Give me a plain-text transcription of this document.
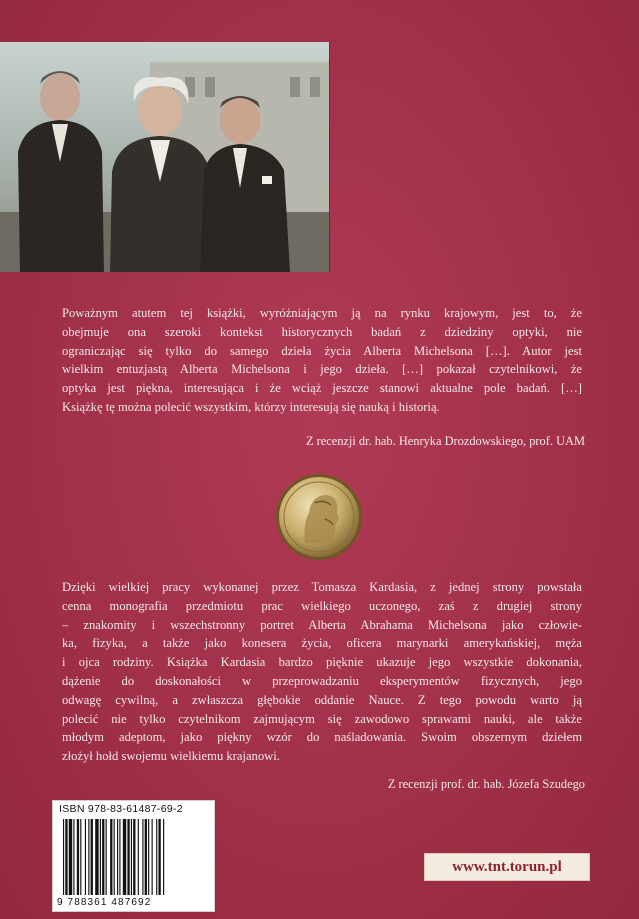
Poważnym atutem tej książki, wyróżniającym ją na rynku krajowym, jest to, że
obejmuje ona szeroki kontekst historycznych badań z dziedziny optyki, nie
ograniczając się tylko do samego dzieła życia Alberta Michelsona […]. Autor jest
wielkim entuzjastą Alberta Michelsona i jego dzieła. […] pokazał czytelnikowi, że
optyka jest piękna, interesująca i że wciąż jeszcze stanowi aktualne pole badań. […]
Książkę tę można polecić wszystkim, którzy interesują się nauką i historią.
Z recenzji dr. hab. Henryka Drozdowskiego, prof. UAM
Dzięki wielkiej pracy wykonanej przez Tomasza Kardasia, z jednej strony powstała
cenna monografia przedmiotu prac wielkiego uczonego, zaś z drugiej strony
– znakomity i wszechstronny portret Alberta Abrahama Michelsona jako człowie-
ka, fizyka, a także jako konesera życia, oficera marynarki amerykańskiej, męża
i ojca rodziny. Książka Kardasia bardzo pięknie ukazuje jego wszystkie dokonania,
dążenie do doskonałości w przeprowadzaniu eksperymentów fizycznych, jego
odwagę cywilną, a zwłaszcza głębokie oddanie Nauce. Z tego powodu warto ją
polecić nie tylko czytelnikom zajmującym się zawodowo sprawami nauki, ale także
młodym adeptom, jako piękny wzór do naśladowania. Swoim obszernym dziełem
złożył hołd swojemu wielkiemu krajanowi.
Z recenzji prof. dr. hab. Józefa Szudego
ISBN 978-83-61487-69-2
9 788361 487692
www.tnt.torun.pl
